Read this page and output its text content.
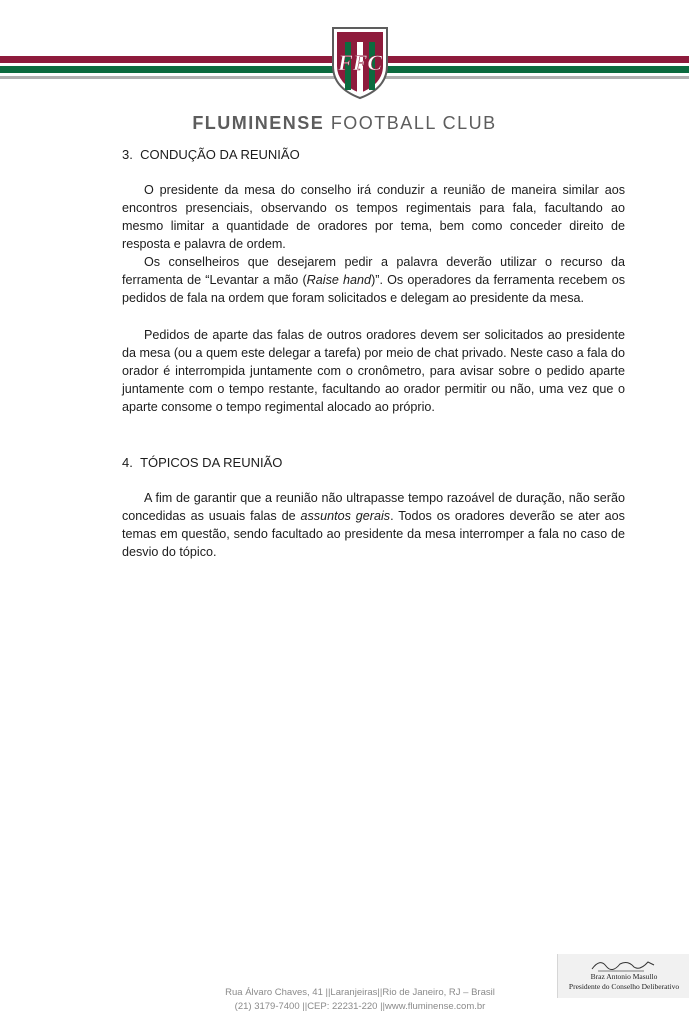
FFC
FLUMINENSE FOOTBALL CLUB
3.  CONDUÇÃO DA REUNIÃO

O presidente da mesa do conselho irá conduzir a reunião de maneira similar aos encontros presenciais, observando os tempos regimentais para fala, facultando ao mesmo limitar a quantidade de oradores por tema, bem como conceder direito de resposta e palavra de ordem.

Os conselheiros que desejarem pedir a palavra deverão utilizar o recurso da ferramenta de “Levantar a mão (Raise hand)”. Os operadores da ferramenta recebem os pedidos de fala na ordem que foram solicitados e delegam ao presidente da mesa.

Pedidos de aparte das falas de outros oradores devem ser solicitados ao presidente da mesa (ou a quem este delegar a tarefa) por meio de chat privado. Neste caso a fala do orador é interrompida juntamente com o cronômetro, para avisar sobre o pedido aparte juntamente com o tempo restante, facultando ao orador permitir ou não, uma vez que o aparte consome o tempo regimental alocado ao próprio.

4.  TÓPICOS DA REUNIÃO

A fim de garantir que a reunião não ultrapasse tempo razoável de duração, não serão concedidas as usuais falas de assuntos gerais. Todos os oradores deverão se ater aos temas em questão, sendo facultado ao presidente da mesa interromper a fala no caso de desvio do tópico.

Rua Álvaro Chaves, 41 ||Laranjeiras||Rio de Janeiro, RJ – Brasil
(21) 3179-7400 ||CEP: 22231-220 ||www.fluminense.com.br
Braz Antonio Masullo
Presidente do Conselho Deliberativo
